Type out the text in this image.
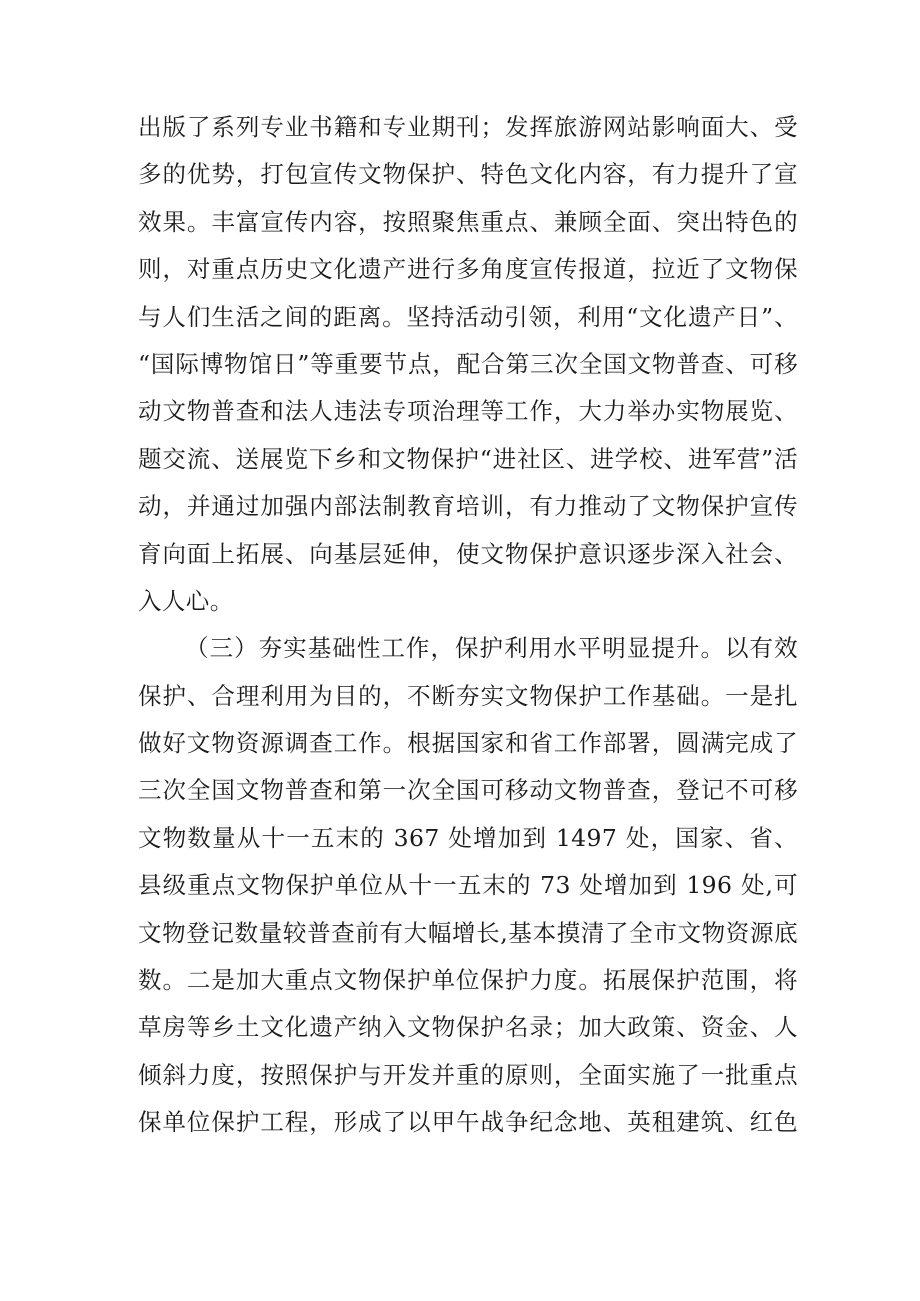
出版了系列专业书籍和专业期刊；发挥旅游网站影响面大、受
多的优势，打包宣传文物保护、特色文化内容，有力提升了宣
效果。丰富宣传内容，按照聚焦重点、兼顾全面、突出特色的
则，对重点历史文化遗产进行多角度宣传报道，拉近了文物保
与人们生活之间的距离。坚持活动引领，利用“文化遗产日”、
“国际博物馆日”等重要节点，配合第三次全国文物普查、可移
动文物普查和法人违法专项治理等工作，大力举办实物展览、
题交流、送展览下乡和文物保护“进社区、进学校、进军营”活
动，并通过加强内部法制教育培训，有力推动了文物保护宣传
育向面上拓展、向基层延伸，使文物保护意识逐步深入社会、
入人心。
（三）夯实基础性工作，保护利用水平明显提升。以有效
保护、合理利用为目的，不断夯实文物保护工作基础。一是扎
做好文物资源调查工作。根据国家和省工作部署，圆满完成了
三次全国文物普查和第一次全国可移动文物普查，登记不可移
文物数量从十一五末的 367 处增加到 1497 处，国家、省、
县级重点文物保护单位从十一五末的 73 处增加到 196 处,可
文物登记数量较普查前有大幅增长,基本摸清了全市文物资源底
数。二是加大重点文物保护单位保护力度。拓展保护范围，将
草房等乡土文化遗产纳入文物保护名录；加大政策、资金、人
倾斜力度，按照保护与开发并重的原则，全面实施了一批重点
保单位保护工程，形成了以甲午战争纪念地、英租建筑、红色
